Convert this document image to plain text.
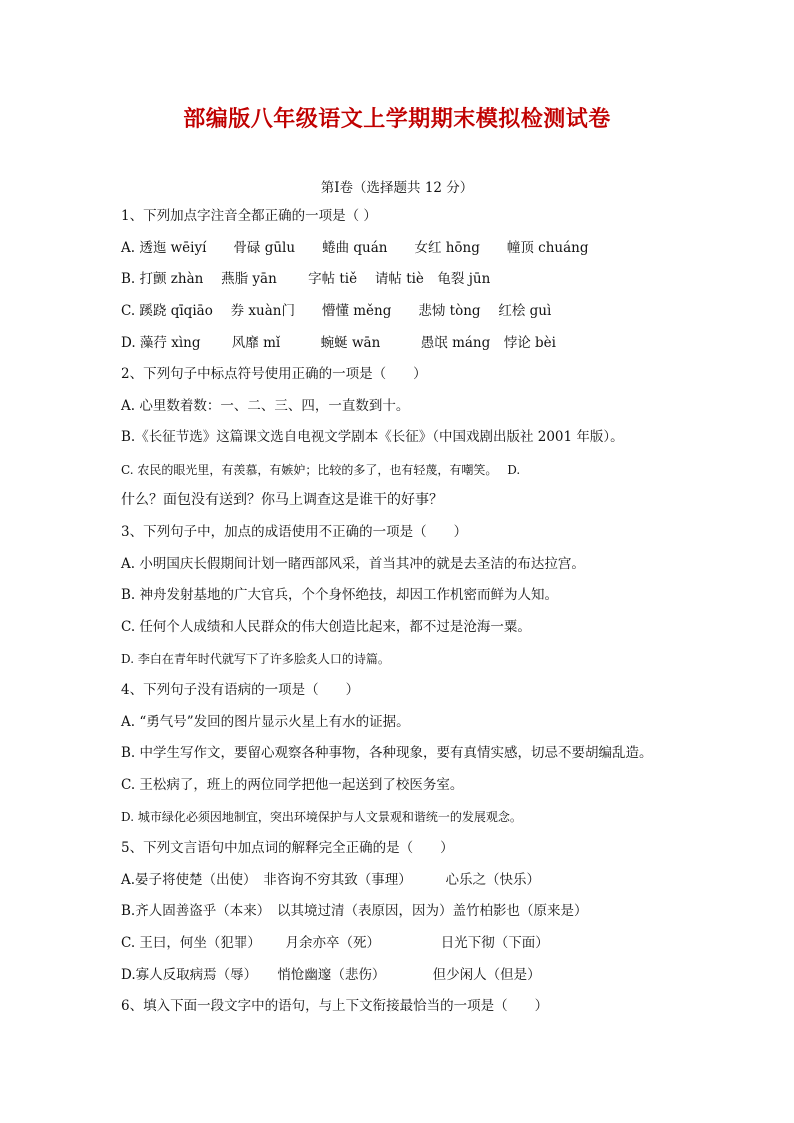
部编版八年级语文上学期期末模拟检测试卷
第Ⅰ卷（选择题共 12 分）
1、下列加点字注音全都正确的一项是（ ）
A. 透迤 wēiyí　　骨碌 gūlu　　蜷曲 quán　　女红 hōng　　幢顶 chuáng
B. 打颤 zhàn　 燕脂 yān　　 字帖 tiě　 请帖 tiè　龟裂 jūn
C. 蹊跷 qīqiāo　 券 xuàn门　　懵懂 měng　　悲恸 tòng　 红桧 guì
D. 藻荇 xìng　　 风靡 mǐ　　　蜿蜒 wān　　　愚氓 máng　悖论 bèi
2、下列句子中标点符号使用正确的一项是（　　）
A. 心里数着数：一、二、三、四，一直数到十。
B.《长征节选》这篇课文选自电视文学剧本《长征》（中国戏剧出版社 2001 年版）。
C. 农民的眼光里，有羡慕，有嫉妒；比较的多了，也有轻蔑，有嘲笑。　 D.
什么？面包没有送到？你马上调查这是谁干的好事？
3、下列句子中，加点的成语使用不正确的一项是（　　）
A. 小明国庆长假期间计划一睹西部风采，首当其冲的就是去圣洁的布达拉宫。
B. 神舟发射基地的广大官兵，个个身怀绝技，却因工作机密而鲜为人知。
C. 任何个人成绩和人民群众的伟大创造比起来，都不过是沧海一粟。
D. 李白在青年时代就写下了许多脍炙人口的诗篇。
4、下列句子没有语病的一项是（　　）
A. “勇气号”发回的图片显示火星上有水的证据。
B. 中学生写作文，要留心观察各种事物，各种现象，要有真情实感，切忌不要胡编乱造。
C. 王松病了，班上的两位同学把他一起送到了校医务室。
D. 城市绿化必须因地制宜，突出环境保护与人文景观和谐统一的发展观念。
5、下列文言语句中加点词的解释完全正确的是（　　）
A.晏子将使楚（出使）　非咨询不穷其致（事理）　　　心乐之（快乐）
B.齐人固善盗乎（本来）　以其境过清（表原因，因为）盖竹柏影也（原来是）
C. 王曰，何坐（犯罪）　　 月余亦卒（死）　　　　　日光下彻（下面）
D.寡人反取病焉（辱）　　悄怆幽邃（悲伤）　　　　但少闲人（但是）
6、填入下面一段文字中的语句，与上下文衔接最恰当的一项是（　　）
